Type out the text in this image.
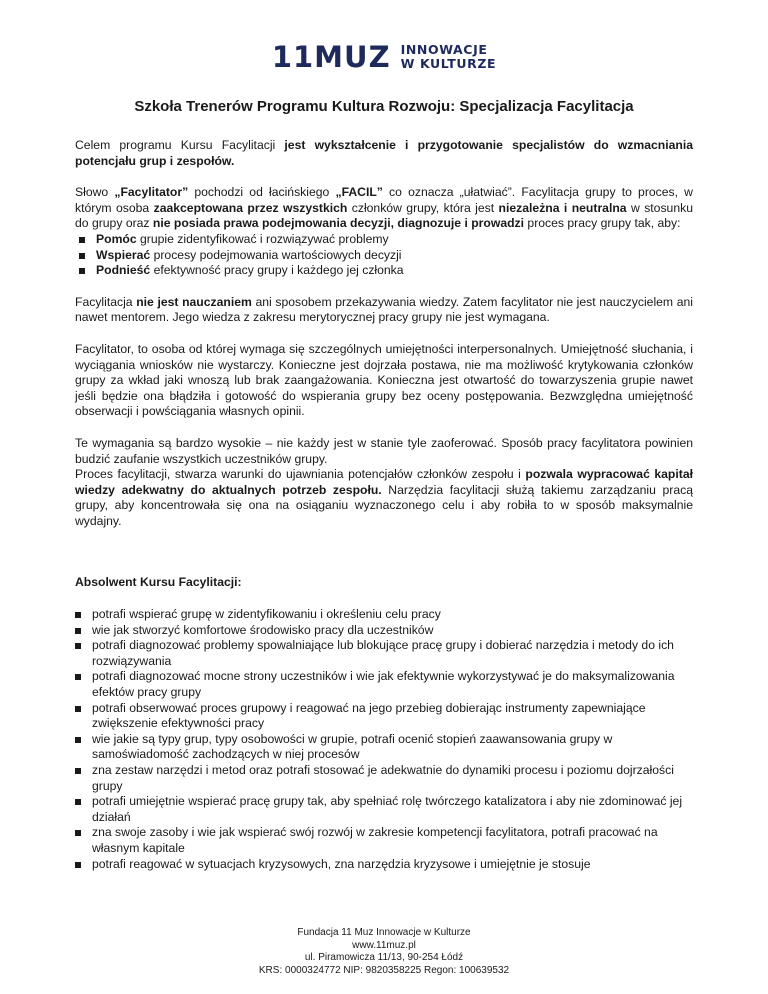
11MUZ INNOWACJE
W KULTURZE
Szkoła Trenerów Programu Kultura Rozwoju: Specjalizacja Facylitacja

Celem programu Kursu Facylitacji jest wykształcenie i przygotowanie specjalistów do wzmacniania potencjału grup i zespołów.

Słowo „Facylitator” pochodzi od łacińskiego „FACIL” co oznacza „ułatwiać”. Facylitacja grupy to proces, w którym osoba zaakceptowana przez wszystkich członków grupy, która jest niezależna i neutralna w stosunku do grupy oraz nie posiada prawa podejmowania decyzji, diagnozuje i prowadzi proces pracy grupy tak, aby:
Pomóc grupie zidentyfikować i rozwiązywać problemy
Wspierać procesy podejmowania wartościowych decyzji
Podnieść efektywność pracy grupy i każdego jej członka

Facylitacja nie jest nauczaniem ani sposobem przekazywania wiedzy. Zatem facylitator nie jest nauczycielem ani nawet mentorem. Jego wiedza z zakresu merytorycznej pracy grupy nie jest wymagana.

Facylitator, to osoba od której wymaga się szczególnych umiejętności interpersonalnych. Umiejętność słuchania, i wyciągania wniosków nie wystarczy. Konieczne jest dojrzała postawa, nie ma możliwość krytykowania członków grupy za wkład jaki wnoszą lub brak zaangażowania. Konieczna jest otwartość do towarzyszenia grupie nawet jeśli będzie ona błądziła i gotowość do wspierania grupy bez oceny postępowania. Bezwzględna umiejętność obserwacji i powściągania własnych opinii.

Te wymagania są bardzo wysokie – nie każdy jest w stanie tyle zaoferować. Sposób pracy facylitatora powinien budzić zaufanie wszystkich uczestników grupy.
Proces facylitacji, stwarza warunki do ujawniania potencjałów członków zespołu i pozwala wypracować kapitał wiedzy adekwatny do aktualnych potrzeb zespołu. Narzędzia facylitacji służą takiemu zarządzaniu pracą grupy, aby koncentrowała się ona na osiąganiu wyznaczonego celu i aby robiła to w sposób maksymalnie wydajny.

Absolwent Kursu Facylitacji:
potrafi wspierać grupę w zidentyfikowaniu i określeniu celu pracy
wie jak stworzyć komfortowe środowisko pracy dla uczestników
potrafi diagnozować problemy spowalniające lub blokujące pracę grupy i dobierać narzędzia i metody do ich rozwiązywania
potrafi diagnozować mocne strony uczestników i wie jak efektywnie wykorzystywać je do maksymalizowania efektów pracy grupy
potrafi obserwować proces grupowy i reagować na jego przebieg dobierając instrumenty zapewniające zwiększenie efektywności pracy
wie jakie są typy grup, typy osobowości w grupie, potrafi ocenić stopień zaawansowania grupy w samoświadomość zachodzących w niej procesów
zna zestaw narzędzi i metod oraz potrafi stosować je adekwatnie do dynamiki procesu i poziomu dojrzałości grupy
potrafi umiejętnie wspierać pracę grupy tak, aby spełniać rolę twórczego katalizatora i aby nie zdominować jej działań
zna swoje zasoby i wie jak wspierać swój rozwój w zakresie kompetencji facylitatora, potrafi pracować na własnym kapitale
potrafi reagować w sytuacjach kryzysowych, zna narzędzia kryzysowe i umiejętnie je stosuje
Fundacja 11 Muz Innowacje w Kulturze
www.11muz.pl
ul. Piramowicza 11/13, 90-254 Łódź
KRS: 0000324772 NIP: 9820358225 Regon: 100639532
